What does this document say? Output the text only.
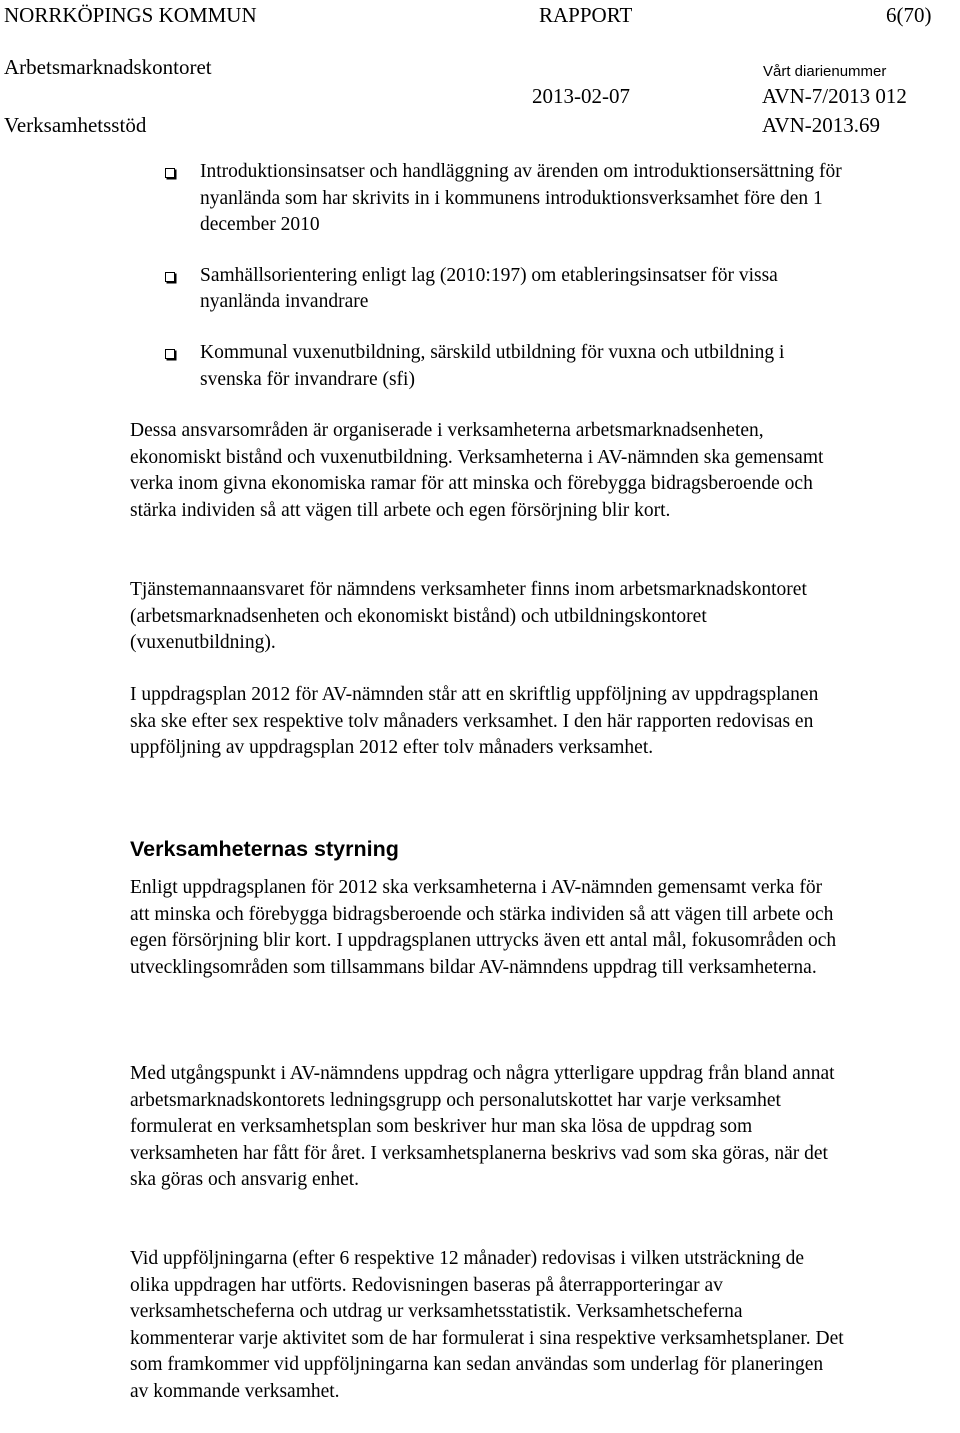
NORRKÖPINGS KOMMUN	RAPPORT	6(70)
Arbetsmarknadskontoret	Vårt diarienummer
2013-02-07	AVN-7/2013 012
Verksamhetsstöd	AVN-2013.69
Introduktionsinsatser och handläggning av ärenden om introduktionsersättning för nyanlända som har skrivits in i kommunens introduktionsverksamhet före den 1 december 2010
Samhällsorientering enligt lag (2010:197) om etableringsinsatser för vissa nyanlända invandrare
Kommunal vuxenutbildning, särskild utbildning för vuxna och utbildning i svenska för invandrare (sfi)

Dessa ansvarsområden är organiserade i verksamheterna arbetsmarknadsenheten, ekonomiskt bistånd och vuxenutbildning. Verksamheterna i AV-nämnden ska gemensamt verka inom givna ekonomiska ramar för att minska och förebygga bidragsberoende och stärka individen så att vägen till arbete och egen försörjning blir kort.

Tjänstemannaansvaret för nämndens verksamheter finns inom arbetsmarknadskontoret (arbetsmarknadsenheten och ekonomiskt bistånd) och utbildningskontoret (vuxenutbildning).

I uppdragsplan 2012 för AV-nämnden står att en skriftlig uppföljning av uppdragsplanen ska ske efter sex respektive tolv månaders verksamhet. I den här rapporten redovisas en uppföljning av uppdragsplan 2012 efter tolv månaders verksamhet.

Verksamheternas styrning

Enligt uppdragsplanen för 2012 ska verksamheterna i AV-nämnden gemensamt verka för att minska och förebygga bidragsberoende och stärka individen så att vägen till arbete och egen försörjning blir kort. I uppdragsplanen uttrycks även ett antal mål, fokusområden och utvecklingsområden som tillsammans bildar AV-nämndens uppdrag till verksamheterna.

Med utgångspunkt i AV-nämndens uppdrag och några ytterligare uppdrag från bland annat arbetsmarknadskontorets ledningsgrupp och personalutskottet har varje verksamhet formulerat en verksamhetsplan som beskriver hur man ska lösa de uppdrag som verksamheten har fått för året. I verksamhetsplanerna beskrivs vad som ska göras, när det ska göras och ansvarig enhet.

Vid uppföljningarna (efter 6 respektive 12 månader) redovisas i vilken utsträckning de olika uppdragen har utförts. Redovisningen baseras på återrapporteringar av verksamhetscheferna och utdrag ur verksamhetsstatistik. Verksamhetscheferna kommenterar varje aktivitet som de har formulerat i sina respektive verksamhetsplaner. Det som framkommer vid uppföljningarna kan sedan användas som underlag för planeringen av kommande verksamhet.
